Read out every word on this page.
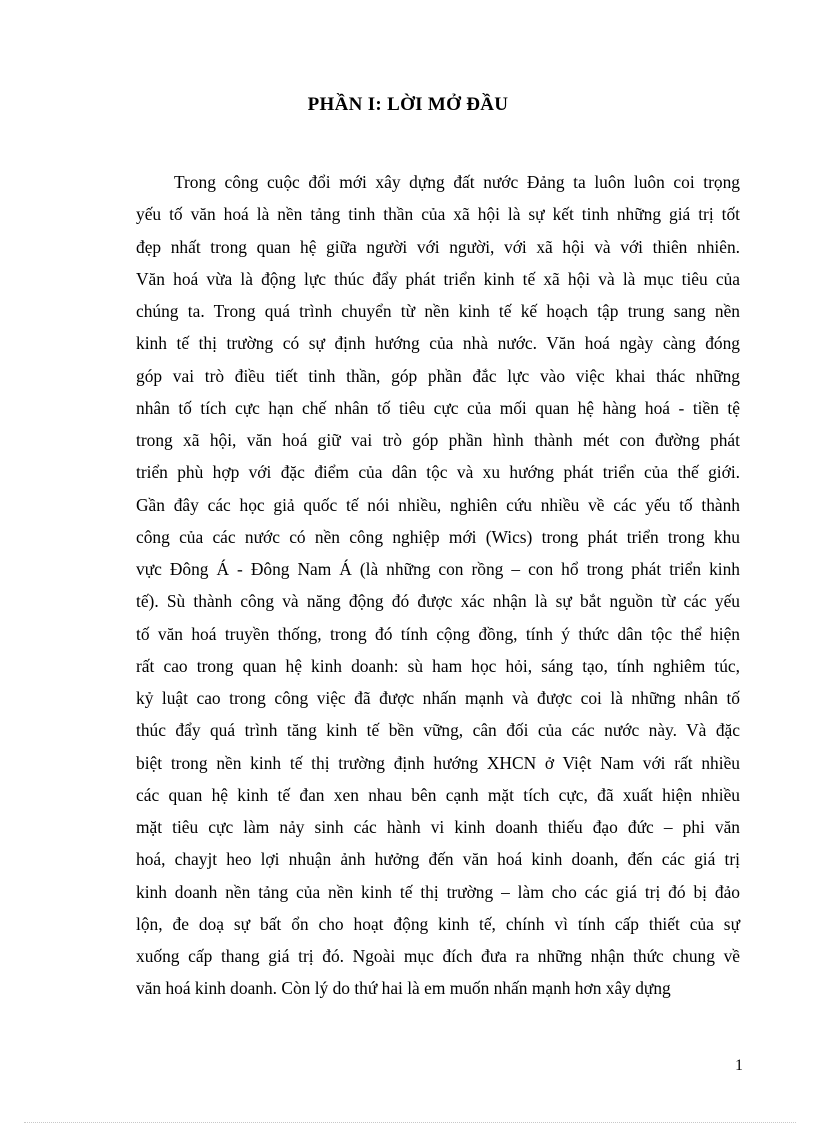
PHẦN I: LỜI MỞ ĐẦU
Trong công cuộc đổi mới xây dựng đất nước Đảng ta luôn luôn coi trọng
yếu tố văn hoá là nền tảng tinh thần của xã hội là sự kết tinh những giá trị tốt
đẹp nhất trong quan hệ giữa người với người, với xã hội và với thiên nhiên.
Văn hoá vừa là động lực thúc đẩy phát triển kinh tế xã hội và là mục tiêu của
chúng ta. Trong quá trình chuyển từ nền kinh tế kế hoạch tập trung sang nền
kinh tế thị trường có sự định hướng của nhà nước. Văn hoá ngày càng đóng
góp vai trò điều tiết tinh thần, góp phần đắc lực vào việc khai thác những
nhân tố tích cực hạn chế nhân tố tiêu cực của mối quan hệ hàng hoá - tiền tệ
trong xã hội, văn hoá giữ vai trò góp phần hình thành mét con đường phát
triển phù hợp với đặc điểm của dân tộc và xu hướng phát triển của thế giới.
Gần đây các học giả quốc tế nói nhiều, nghiên cứu nhiều về các yếu tố thành
công của các nước có nền công nghiệp mới (Wics) trong phát triển trong khu
vực Đông Á - Đông Nam Á (là những con rồng – con hổ trong phát triển kinh
tế). Sù thành công và năng động đó được xác nhận là sự bắt nguồn từ các yếu
tố văn hoá truyền thống, trong đó tính cộng đồng, tính ý thức dân tộc thể hiện
rất cao trong quan hệ kinh doanh: sù ham học hỏi, sáng tạo, tính nghiêm túc,
kỷ luật cao trong công việc đã được nhấn mạnh và được coi là những nhân tố
thúc đẩy quá trình tăng kinh tế bền vững, cân đối của các nước này. Và đặc
biệt trong nền kinh tế thị trường định hướng XHCN ở Việt Nam với rất nhiều
các quan hệ kinh tế đan xen nhau bên cạnh mặt tích cực, đã xuất hiện nhiều
mặt tiêu cực làm nảy sinh các hành vi kinh doanh thiếu đạo đức – phi văn
hoá, chayjt heo lợi nhuận ảnh hưởng đến văn hoá kinh doanh, đến các giá trị
kinh doanh nền tảng của nền kinh tế thị trường – làm cho các giá trị đó bị đảo
lộn, đe doạ sự bất ổn cho hoạt động kinh tế, chính vì tính cấp thiết của sự
xuống cấp thang giá trị đó. Ngoài mục đích đưa ra những nhận thức chung về
văn hoá kinh doanh. Còn lý do thứ hai là em muốn nhấn mạnh hơn xây dựng
1
